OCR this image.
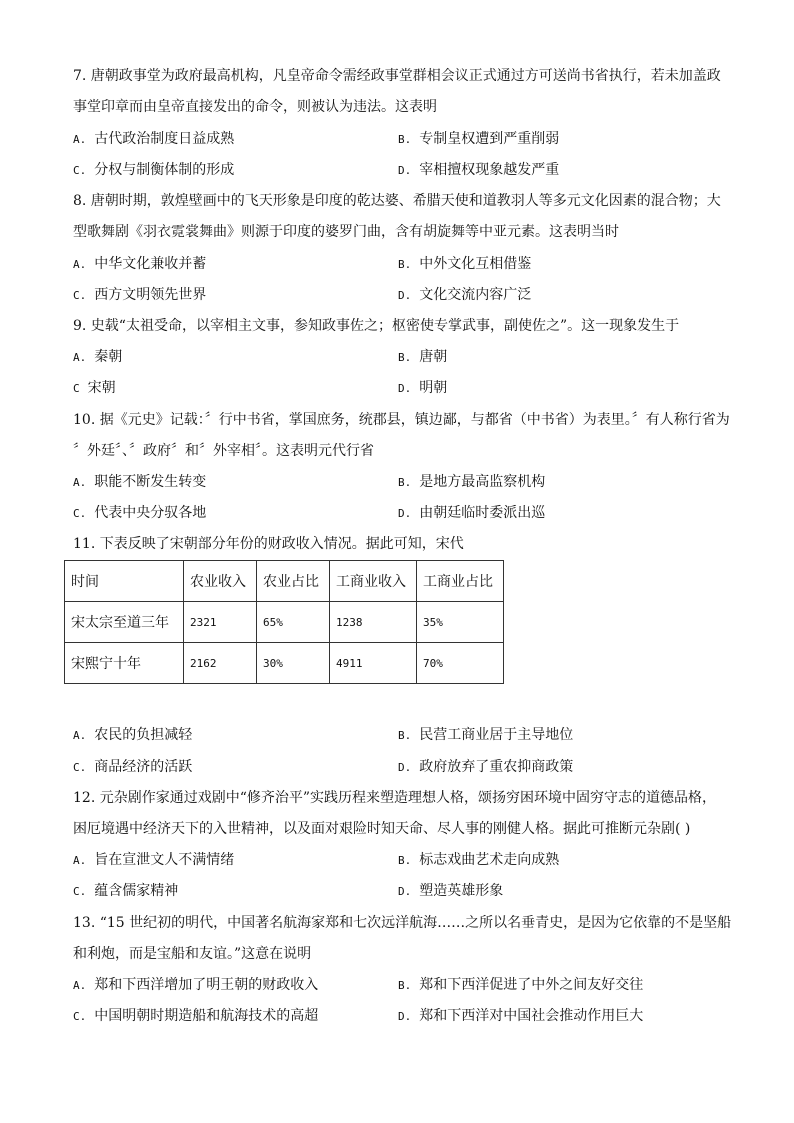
7. 唐朝政事堂为政府最高机构，凡皇帝命令需经政事堂群相会议正式通过方可送尚书省执行，若未加盖政
事堂印章而由皇帝直接发出的命令，则被认为违法。这表明
A. 古代政治制度日益成熟	B. 专制皇权遭到严重削弱
C. 分权与制衡体制的形成	D. 宰相擅权现象越发严重
8. 唐朝时期，敦煌壁画中的飞天形象是印度的乾达婆、希腊天使和道教羽人等多元文化因素的混合物；大
型歌舞剧《羽衣霓裳舞曲》则源于印度的婆罗门曲，含有胡旋舞等中亚元素。这表明当时
A. 中华文化兼收并蓄	B. 中外文化互相借鉴
C. 西方文明领先世界	D. 文化交流内容广泛
9. 史载“太祖受命，以宰相主文事，参知政事佐之；枢密使专掌武事，副使佐之”。这一现象发生于
A. 秦朝	B. 唐朝
C 宋朝	D. 明朝
10. 据《元史》记载：〞行中书省，掌国庶务，统郡县，镇边鄙，与都省（中书省）为表里。〞有人称行省为
〞外廷〞、〞政府〞和〞外宰相〞。这表明元代行省
A. 职能不断发生转变	B. 是地方最高监察机构
C. 代表中央分驭各地	D. 由朝廷临时委派出巡
11. 下表反映了宋朝部分年份的财政收入情况。据此可知，宋代
时间	农业收入	农业占比	工商业收入	工商业占比
宋太宗至道三年	2321	65%	1238	35%
宋熙宁十年	2162	30%	4911	70%
A. 农民的负担减轻	B. 民营工商业居于主导地位
C. 商品经济的活跃	D. 政府放弃了重农抑商政策
12. 元杂剧作家通过戏剧中“修齐治平”实践历程来塑造理想人格，颂扬穷困环境中固穷守志的道德品格，
困厄境遇中经济天下的入世精神，以及面对艰险时知天命、尽人事的刚健人格。据此可推断元杂剧( )
A. 旨在宣泄文人不满情绪	B. 标志戏曲艺术走向成熟
C. 蕴含儒家精神	D. 塑造英雄形象
13. “15 世纪初的明代，中国著名航海家郑和七次远洋航海……之所以名垂青史，是因为它依靠的不是坚船
和利炮，而是宝船和友谊。”这意在说明
A. 郑和下西洋增加了明王朝的财政收入	B. 郑和下西洋促进了中外之间友好交往
C. 中国明朝时期造船和航海技术的高超	D. 郑和下西洋对中国社会推动作用巨大
